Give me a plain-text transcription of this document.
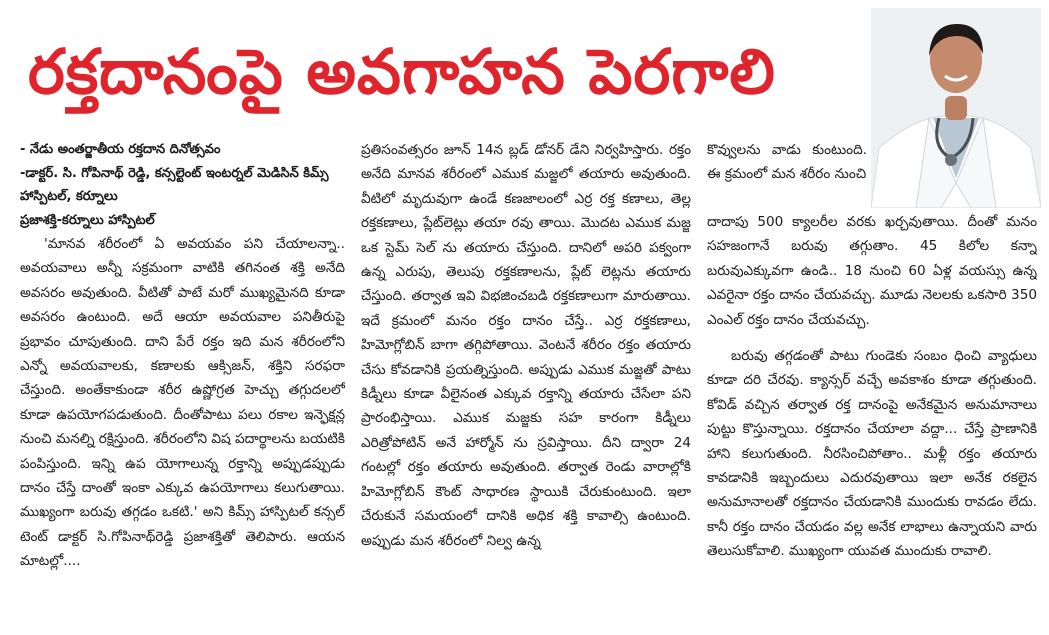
రక్తదానంపై అవగాహన పెరగాలి

- నేడు అంతర్జాతీయ రక్తదాన దినోత్సవం

-డాక్టర్. సి. గోపినాథ్ రెడ్డి, కన్సల్టెంట్ ఇంటర్నల్ మెడిసిన్ కిమ్స్ హాస్పిటల్, కర్నూలు

ప్రజాశక్తి-కర్నూలు హాస్పిటల్

'మానవ శరీరంలో ఏ అవయవం పని చేయాలన్నా.. అవయవాలు అన్నీ సక్రమంగా వాటికి తగినంత శక్తి అనేది అవసరం అవుతుంది. వీటితో పాటే మరో ముఖ్యమైనది కూడా అవసరం ఉంటుంది. అదే ఆయా అవయవాల పనితీరుపై ప్రభావం చూపుతుంది. దాని పేరే రక్తం ఇది మన శరీరంలోని ఎన్నో అవయవాలకు, కణాలకు ఆక్సిజన్, శక్తిని సరఫరా చేస్తుంది. అంతేకాకుండా శరీర ఉష్ణోగ్రత హెచ్చు తగ్గుదలలో కూడా ఉపయోగపడుతుంది. దీంతోపాటు పలు రకాల ఇన్ఫెక్షన్ల నుంచి మనల్ని రక్షిస్తుంది. శరీరంలోని విష పదార్థాలను బయటికి పంపిస్తుంది. ఇన్ని ఉప యోగాలున్న రక్తాన్ని అప్పుడప్పుడు దానం చేస్తే దాంతో ఇంకా ఎక్కువ ఉపయోగాలు కలుగుతాయి. ముఖ్యంగా బరువు తగ్గడం ఒకటి.' అని కిమ్స్ హాస్పిటల్ కన్సల్ టెంట్ డాక్టర్ సి.గోపినాథ్‌రెడ్డి ప్రజాశక్తితో తెలిపారు. ఆయన మాటల్లో....

ప్రతిసంవత్సరం జూన్ 14న బ్లడ్ డోనర్ డేని నిర్వహిస్తారు. రక్తం అనేది మానవ శరీరంలో ఎముక మజ్జలో తయారు అవుతుంది. వీటిలో మృదువుగా ఉండే కణజాలంలో ఎర్ర రక్త కణాలు, తెల్ల రక్తకణాలు, ప్లేట్‌లెట్లు తయా రవు తాయి. మొదట ఎముక మజ్జ ఒక స్టెమ్ సెల్ ను తయారు చేస్తుంది. దానిలో అపరి పక్వంగా ఉన్న ఎరుపు, తెలుపు రక్తకణాలను, ప్లేట్ లెట్లను తయారు చేస్తుంది. తర్వాత ఇవి విభజించబడి రక్తకణాలుగా మారుతాయి. ఇదే క్రమంలో మనం రక్తం దానం చేస్తే.. ఎర్ర రక్తకణాలు, హిమోగ్లోబిన్ బాగా తగ్గిపోతాయి. వెంటనే శరీరం రక్తం తయారు చేసు కోవడానికి ప్రయత్నిస్తుంది. అప్పుడు ఎముక మజ్జతో పాటు కిడ్నీలు కూడా వీలైనంత ఎక్కువ రక్తాన్ని తయారు చేసేలా పని ప్రారంభిస్తాయి. ఎముక మజ్జకు సహ కారంగా కిడ్నీలు ఎరిత్రోపోటిన్ అనే హార్మోన్ ను స్రవిస్తాయి. దీని ద్వారా 24 గంటల్లో రక్తం తయారు అవుతుంది. తర్వాత రెండు వారాల్లోకి హిమోగ్లోబిన్ కౌంట్ సాధారణ స్థాయికి చేరుకుంటుంది. ఇలా చేరుకునే సమయంలో దానికి అధిక శక్తి కావాల్సి ఉంటుంది. అప్పుడు మన శరీరంలో నిల్వ ఉన్న

కొవ్వులను వాడు కుంటుంది. ఈ క్రమంలో మన శరీరం నుంచి

దాదాపు 500 క్యాలరీల వరకు ఖర్చవుతాయి. దీంతో మనం సహజంగానే బరువు తగ్గుతాం. 45 కిలోల కన్నా బరువుఎక్కువగా ఉండి.. 18 నుంచి 60 ఏళ్ల వయస్సు ఉన్న ఎవరైనా రక్తం దానం చేయవచ్చు. మూడు నెలలకు ఒకసారి 350 ఎంఎల్ రక్తం దానం చేయవచ్చు.

బరువు తగ్గడంతో పాటు గుండెకు సంబం ధించి వ్యాధులు కూడా దరి చేరవు. క్యాన్సర్ వచ్చే అవకాశం కూడా తగ్గుతుంది. కోవిడ్ వచ్చిన తర్వాత రక్త దానంపై అనేకమైన అనుమానాలు పుట్టు కొస్తున్నాయి. రక్తదానం చేయాలా వద్దా... చేస్తే ప్రాణానికి హాని కలుగుతుంది. నీరసించిపోతాం.. మళ్లీ రక్తం తయారు కావడానికి ఇబ్బందులు ఎదురవుతాయి ఇలా అనేక రకలైన అనుమానాలతో రక్తదానం చేయడానికి ముందుకు రావడం లేదు. కానీ రక్తం దానం చేయడం వల్ల అనేక లాభాలు ఉన్నాయని వారు తెలుసుకోవాలి. ముఖ్యంగా యువత ముందుకు రావాలి.
